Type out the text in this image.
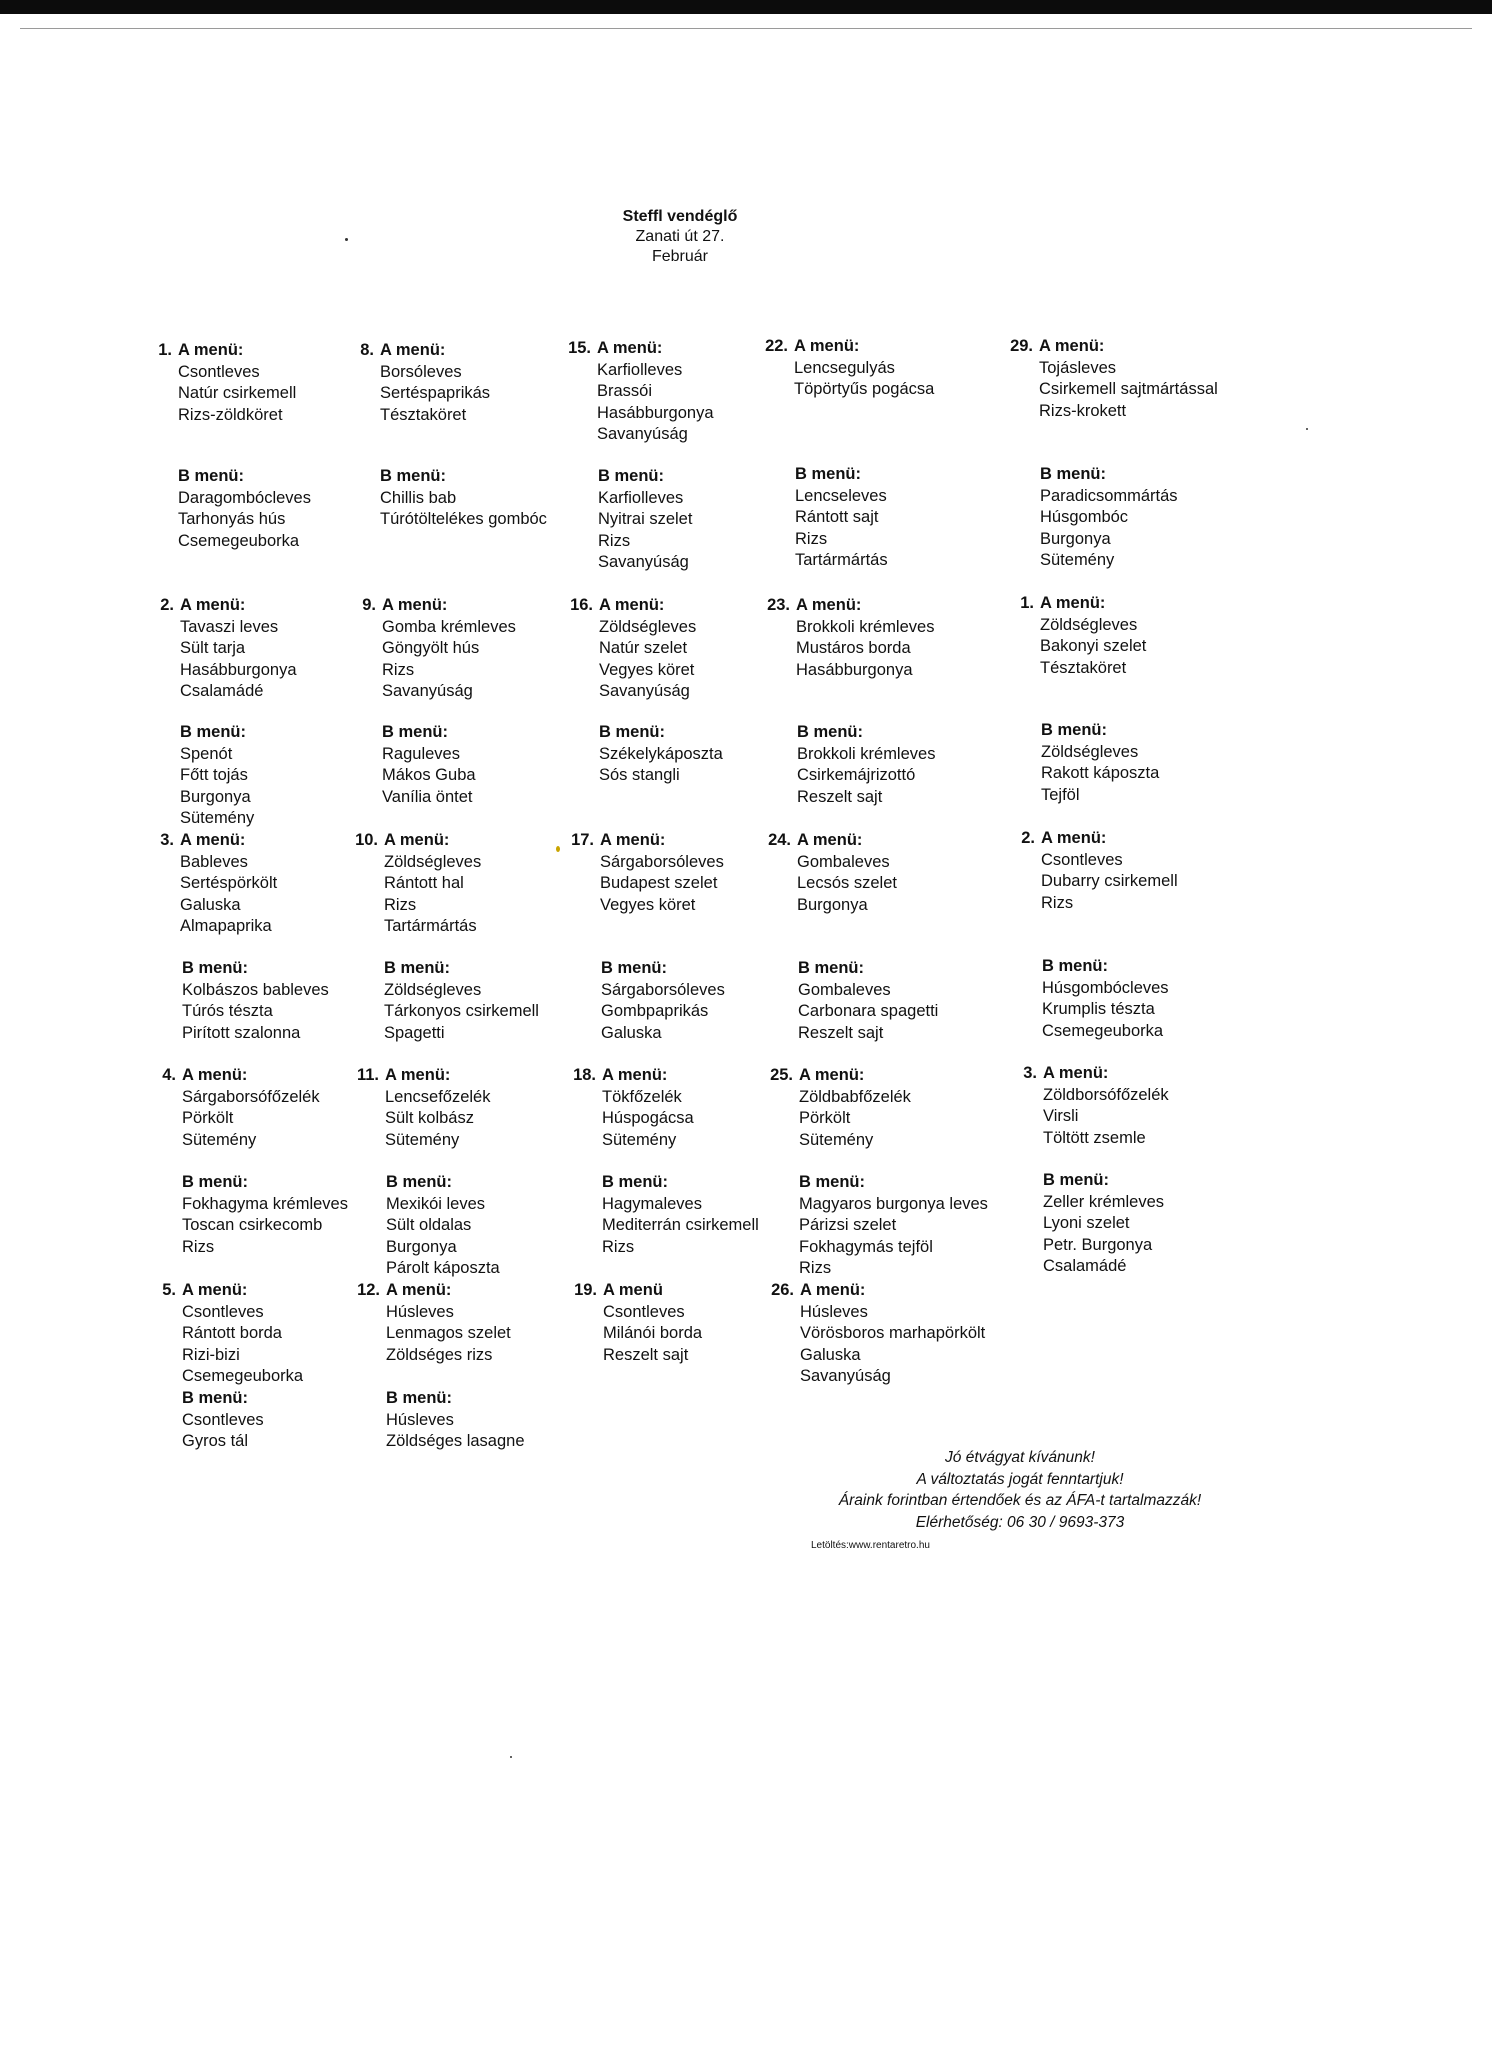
Steffl vendéglő
Zanati út 27.
Február
1. A menü:
Csontleves
Natúr csirkemell
Rizs-zöldköret
B menü:
Daragombócleves
Tarhonyás hús
Csemegeuborka
2. A menü:
Tavaszi leves
Sült tarja
Hasábburgonya
Csalamádé
B menü:
Spenót
Főtt tojás
Burgonya
Sütemény
3. A menü:
Bableves
Sertéspörkölt
Galuska
Almapaprika
B menü:
Kolbászos bableves
Túrós tészta
Pirított szalonna
4. A menü:
Sárgaborsófőzelék
Pörkölt
Sütemény
B menü:
Fokhagyma krémleves
Toscan csirkecomb
Rizs
5. A menü:
Csontleves
Rántott borda
Rizi-bizi
Csemegeuborka
B menü:
Csontleves
Gyros tál
8. A menü:
Borsóleves
Sertéspaprikás
Tésztaköret
B menü:
Chillis bab
Túrótöltelékes gombóc
9. A menü:
Gomba krémleves
Göngyölt hús
Rizs
Savanyúság
B menü:
Raguleves
Mákos Guba
Vanília öntet
10. A menü:
Zöldségleves
Rántott hal
Rizs
Tartármártás
B menü:
Zöldségleves
Tárkonyos csirkemell
Spagetti
11. A menü:
Lencsefőzelék
Sült kolbász
Sütemény
B menü:
Mexikói leves
Sült oldalas
Burgonya
Párolt káposzta
12. A menü:
Húsleves
Lenmagos szelet
Zöldséges rizs
B menü:
Húsleves
Zöldséges lasagne
15. A menü:
Karfiolleves
Brassói
Hasábburgonya
Savanyúság
B menü:
Karfiolleves
Nyitrai szelet
Rizs
Savanyúság
16. A menü:
Zöldségleves
Natúr szelet
Vegyes köret
Savanyúság
B menü:
Székelykáposzta
Sós stangli
17. A menü:
Sárgaborsóleves
Budapest szelet
Vegyes köret
B menü:
Sárgaborsóleves
Gombpaprikás
Galuska
18. A menü:
Tökfőzelék
Húspogácsa
Sütemény
B menü:
Hagymaleves
Mediterrán csirkemell
Rizs
19. A menü
Csontleves
Milánói borda
Reszelt sajt
22. A menü:
Lencsegulyás
Töpörtyűs pogácsa
B menü:
Lencseleves
Rántott sajt
Rizs
Tartármártás
23. A menü:
Brokkoli krémleves
Mustáros borda
Hasábburgonya
B menü:
Brokkoli krémleves
Csirkemájrizottó
Reszelt sajt
24. A menü:
Gombaleves
Lecsós szelet
Burgonya
B menü:
Gombaleves
Carbonara spagetti
Reszelt sajt
25. A menü:
Zöldbabfőzelék
Pörkölt
Sütemény
B menü:
Magyaros burgonya leves
Párizsi szelet
Fokhagymás tejföl
Rizs
26. A menü:
Húsleves
Vörösboros marhapörkölt
Galuska
Savanyúság
29. A menü:
Tojásleves
Csirkemell sajtmártással
Rizs-krokett
B menü:
Paradicsommártás
Húsgombóc
Burgonya
Sütemény
1. A menü:
Zöldségleves
Bakonyi szelet
Tésztaköret
B menü:
Zöldségleves
Rakott káposzta
Tejföl
2. A menü:
Csontleves
Dubarry csirkemell
Rizs
B menü:
Húsgombócleves
Krumplis tészta
Csemegeuborka
3. A menü:
Zöldborsófőzelék
Virsli
Töltött zsemle
B menü:
Zeller krémleves
Lyoni szelet
Petr. Burgonya
Csalamádé
Jó étvágyat kívánunk!
A változtatás jogát fenntartjuk!
Áraink forintban értendőek és az ÁFA-t tartalmazzák!
Elérhetőség: 06 30 / 9693-373
Letöltés:www.rentaretro.hu
